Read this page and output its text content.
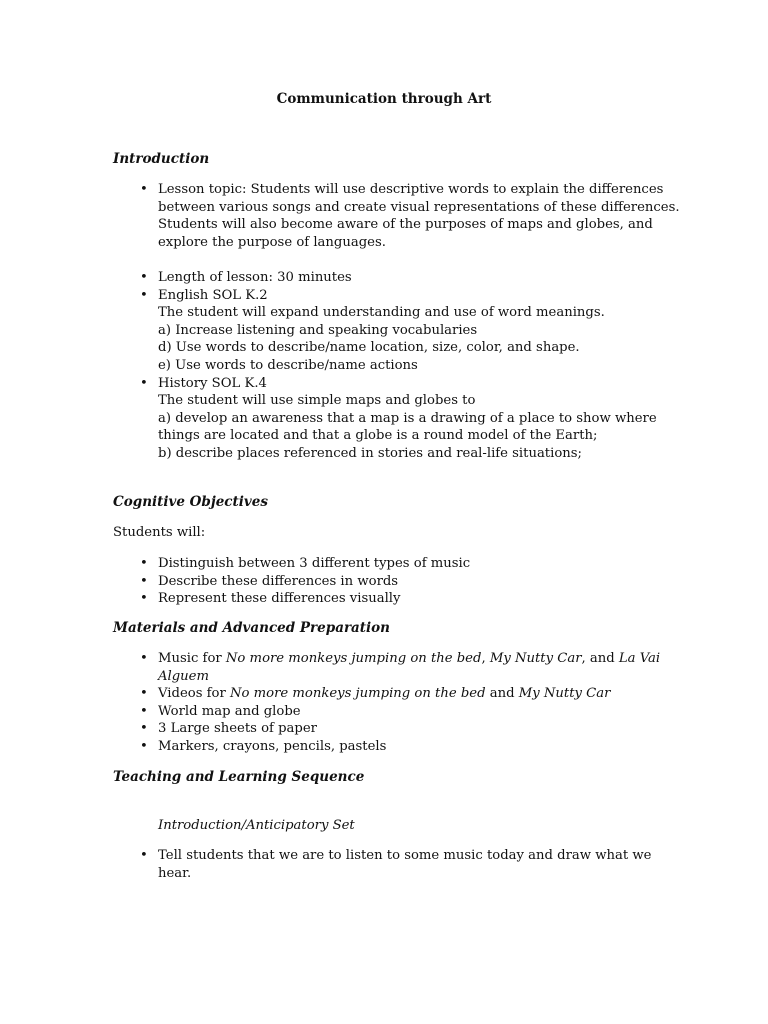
Communication through Art
Introduction
• Lesson topic: Students will use descriptive words to explain the differences
between various songs and create visual representations of these differences.
Students will also become aware of the purposes of maps and globes, and
explore the purpose of languages.
• Length of lesson: 30 minutes
• English SOL K.2
The student will expand understanding and use of word meanings.
a) Increase listening and speaking vocabularies
d) Use words to describe/name location, size, color, and shape.
e) Use words to describe/name actions
• History SOL K.4
The student will use simple maps and globes to
a) develop an awareness that a map is a drawing of a place to show where
things are located and that a globe is a round model of the Earth;
b) describe places referenced in stories and real-life situations;
Cognitive Objectives
Students will:
• Distinguish between 3 different types of music
• Describe these differences in words
• Represent these differences visually
Materials and Advanced Preparation
• Music for No more monkeys jumping on the bed, My Nutty Car, and La Vai
Alguem
• Videos for No more monkeys jumping on the bed and My Nutty Car
• World map and globe
• 3 Large sheets of paper
• Markers, crayons, pencils, pastels
Teaching and Learning Sequence
Introduction/Anticipatory Set
• Tell students that we are to listen to some music today and draw what we
hear.
